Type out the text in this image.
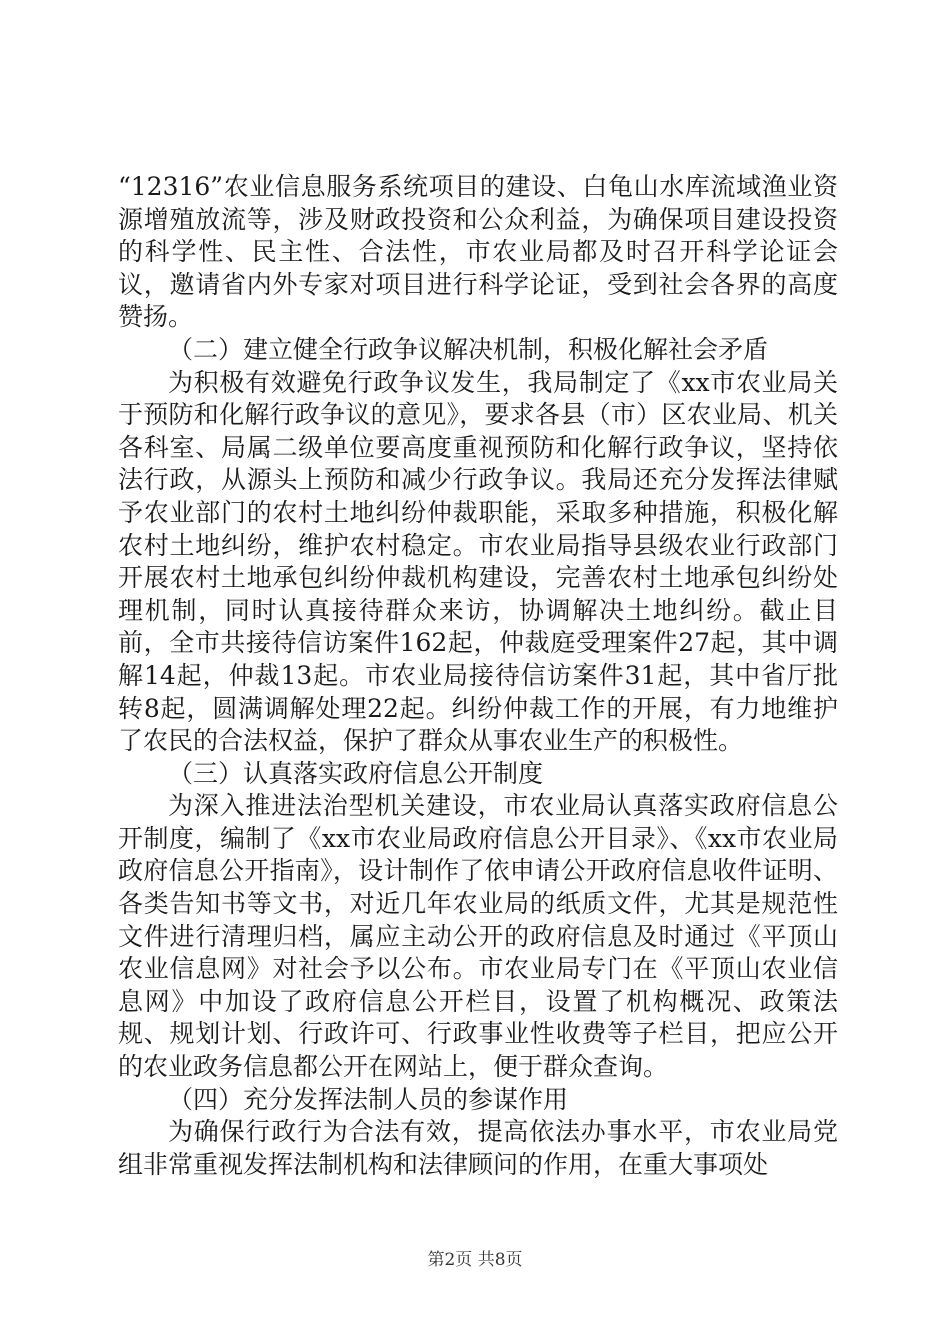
“12316”农业信息服务系统项目的建设、白龟山水库流域渔业资源增殖放流等，涉及财政投资和公众利益，为确保项目建设投资的科学性、民主性、合法性，市农业局都及时召开科学论证会议，邀请省内外专家对项目进行科学论证，受到社会各界的高度赞扬。

（二）建立健全行政争议解决机制，积极化解社会矛盾

为积极有效避免行政争议发生，我局制定了《xx市农业局关于预防和化解行政争议的意见》，要求各县（市）区农业局、机关各科室、局属二级单位要高度重视预防和化解行政争议，坚持依法行政，从源头上预防和减少行政争议。我局还充分发挥法律赋予农业部门的农村土地纠纷仲裁职能，采取多种措施，积极化解农村土地纠纷，维护农村稳定。市农业局指导县级农业行政部门开展农村土地承包纠纷仲裁机构建设，完善农村土地承包纠纷处理机制，同时认真接待群众来访，协调解决土地纠纷。截止目前，全市共接待信访案件162起，仲裁庭受理案件27起，其中调解14起，仲裁13起。市农业局接待信访案件31起，其中省厅批转8起，圆满调解处理22起。纠纷仲裁工作的开展，有力地维护了农民的合法权益，保护了群众从事农业生产的积极性。

（三）认真落实政府信息公开制度

为深入推进法治型机关建设，市农业局认真落实政府信息公开制度，编制了《xx市农业局政府信息公开目录》、《xx市农业局政府信息公开指南》，设计制作了依申请公开政府信息收件证明、各类告知书等文书，对近几年农业局的纸质文件，尤其是规范性文件进行清理归档，属应主动公开的政府信息及时通过《平顶山农业信息网》对社会予以公布。市农业局专门在《平顶山农业信息网》中加设了政府信息公开栏目，设置了机构概况、政策法规、规划计划、行政许可、行政事业性收费等子栏目，把应公开的农业政务信息都公开在网站上，便于群众查询。

（四）充分发挥法制人员的参谋作用

为确保行政行为合法有效，提高依法办事水平，市农业局党组非常重视发挥法制机构和法律顾问的作用，在重大事项处

第2页 共8页
